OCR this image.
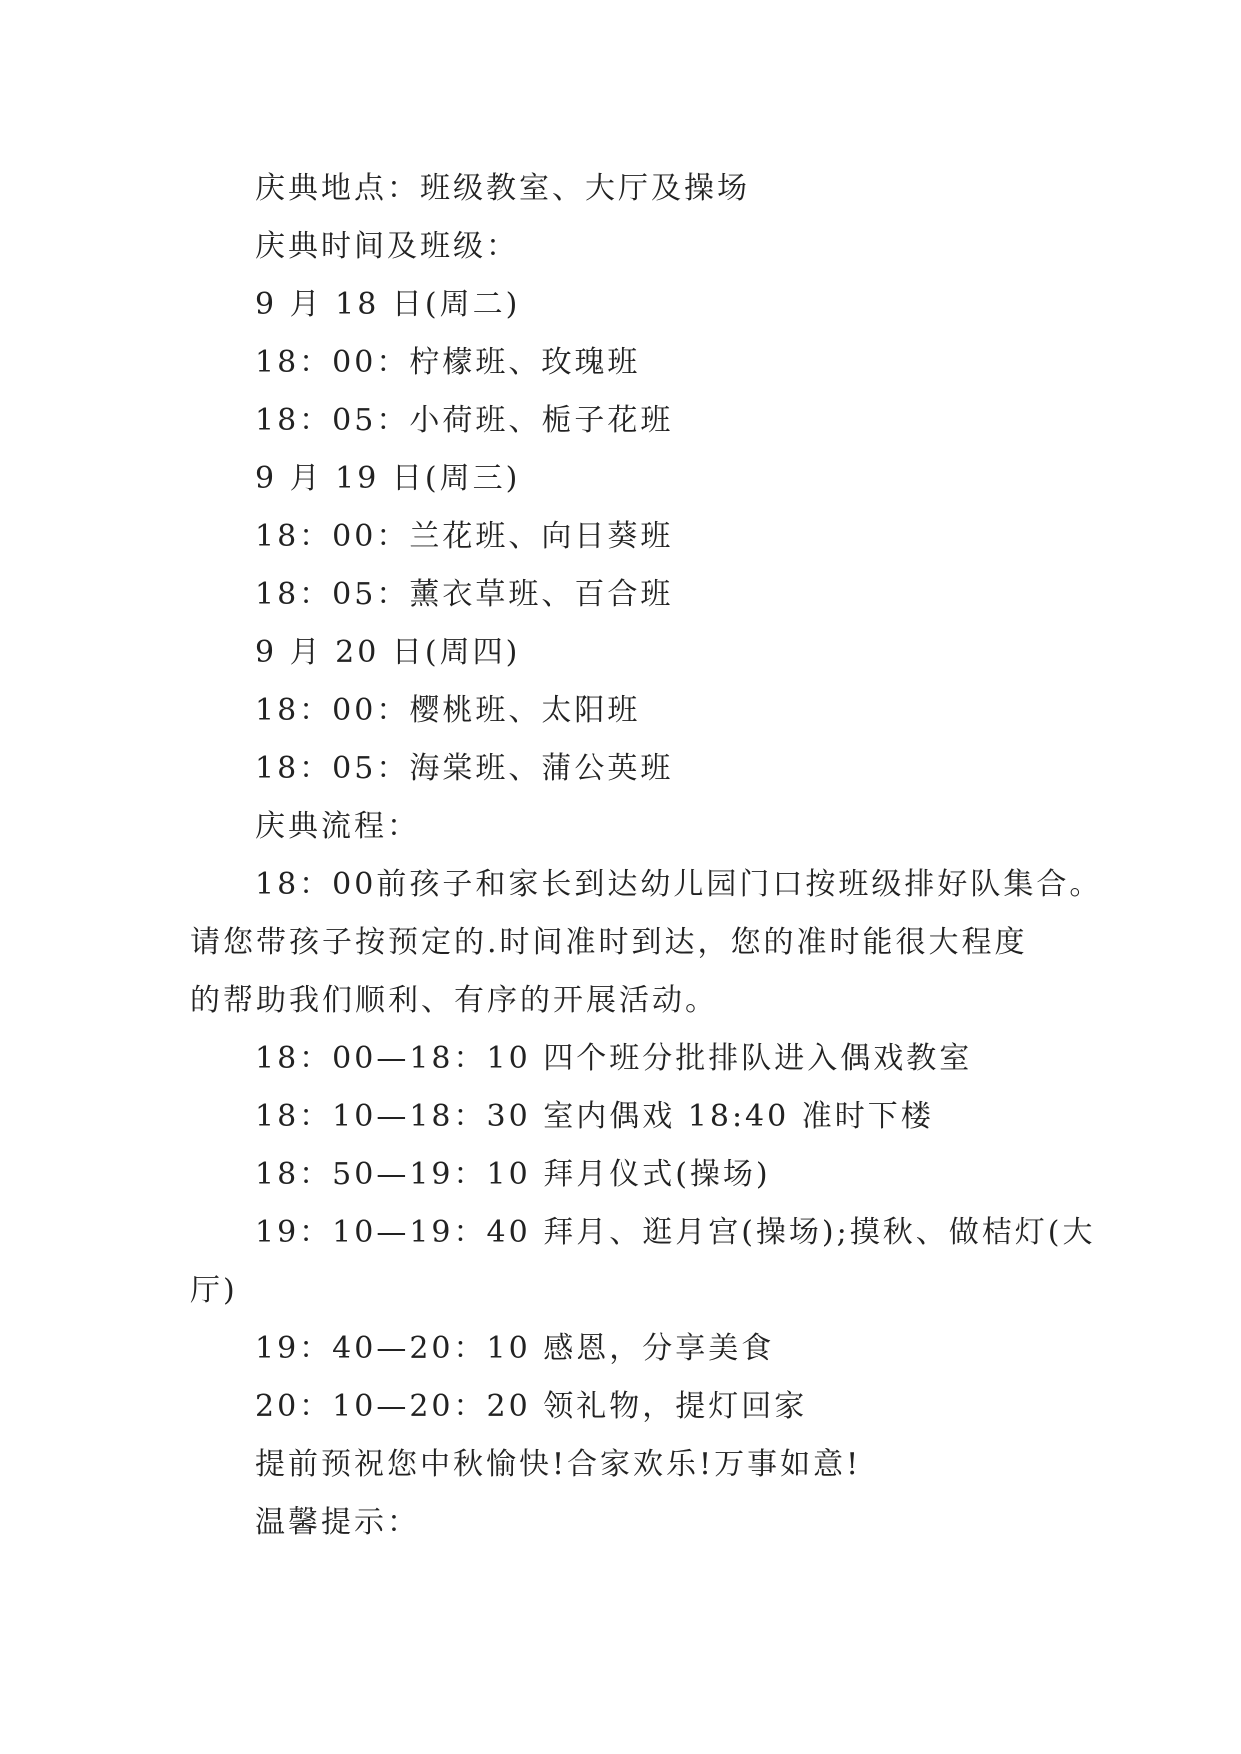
庆典地点：班级教室、大厅及操场
庆典时间及班级：
9 月 18 日(周二)
18：00：柠檬班、玫瑰班
18：05：小荷班、栀子花班
9 月 19 日(周三)
18：00：兰花班、向日葵班
18：05：薰衣草班、百合班
9 月 20 日(周四)
18：00：樱桃班、太阳班
18：05：海棠班、蒲公英班
庆典流程：
18：00前孩子和家长到达幼儿园门口按班级排好队集合。
请您带孩子按预定的.时间准时到达，您的准时能很大程度
的帮助我们顺利、有序的开展活动。
18：00—18：10 四个班分批排队进入偶戏教室
18：10—18：30 室内偶戏 18:40 准时下楼
18：50—19：10 拜月仪式(操场)
19：10—19：40 拜月、逛月宫(操场);摸秋、做桔灯(大
厅)
19：40—20：10 感恩，分享美食
20：10—20：20 领礼物，提灯回家
提前预祝您中秋愉快!合家欢乐!万事如意!
温馨提示：
